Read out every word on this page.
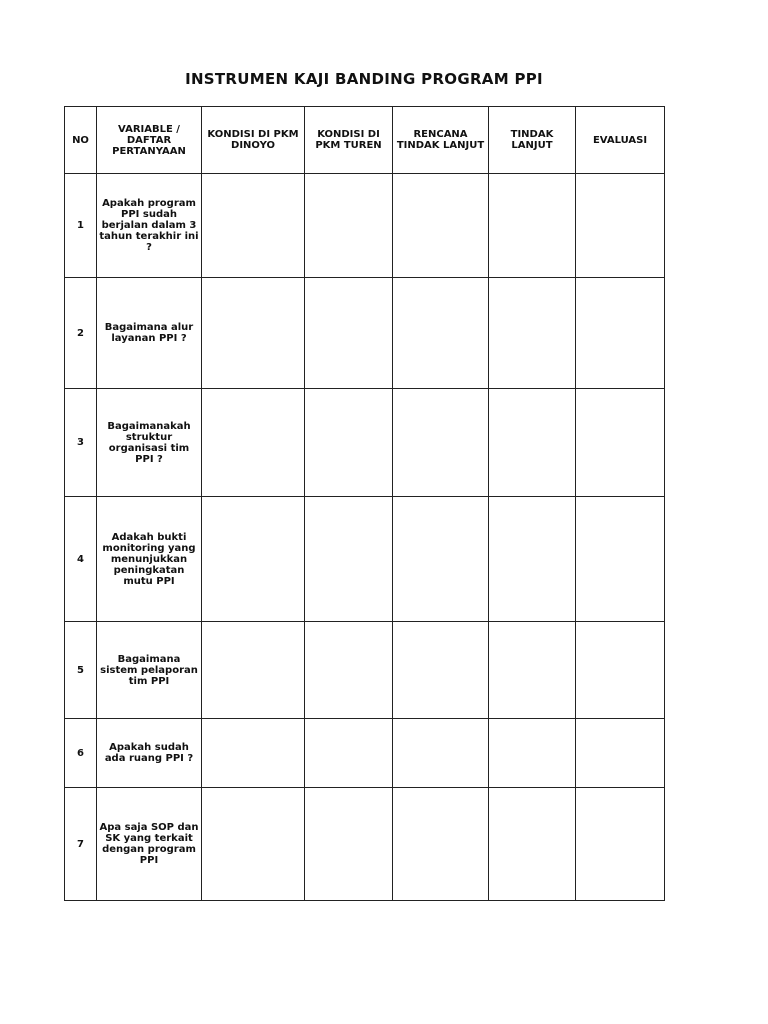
INSTRUMEN KAJI BANDING PROGRAM PPI
NO	VARIABLE / DAFTAR PERTANYAAN	KONDISI DI PKM DINOYO	KONDISI DI PKM TUREN	RENCANA TINDAK LANJUT	TINDAK LANJUT	EVALUASI
1	Apakah program PPI sudah berjalan dalam 3 tahun terakhir ini ?					
2	Bagaimana alur layanan PPI ?					
3	Bagaimanakah struktur organisasi tim PPI ?					
4	Adakah bukti monitoring yang menunjukkan peningkatan mutu PPI					
5	Bagaimana sistem pelaporan tim PPI					
6	Apakah sudah ada ruang PPI ?					
7	Apa saja SOP dan SK yang terkait dengan program PPI					
